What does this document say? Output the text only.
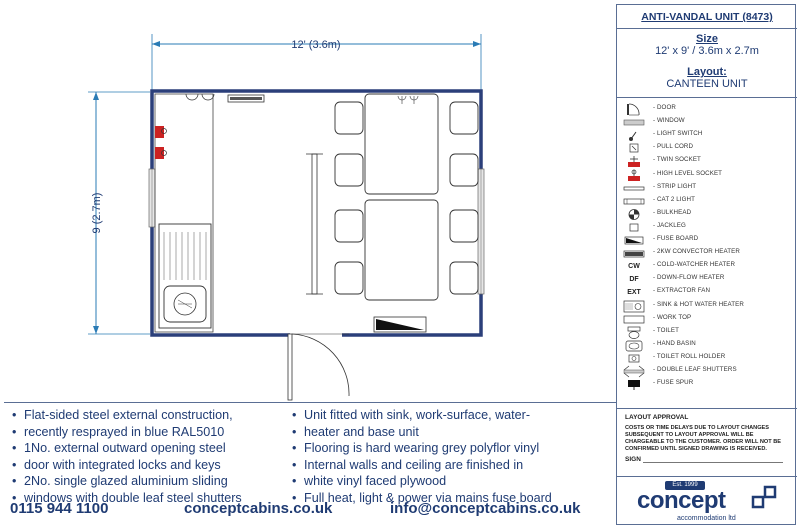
12' (3.6m)
9 (2.7m)
ANTI-VANDAL UNIT (8473)
Size
12' x 9' / 3.6m x 2.7m
Layout:
CANTEEN UNIT
- DOOR
- WINDOW
- LIGHT SWITCH
- PULL CORD
- TWIN SOCKET
- HIGH LEVEL SOCKET
- STRIP LIGHT
- CAT 2 LIGHT
- BULKHEAD
- JACKLEG
- FUSE BOARD
- 2KW CONVECTOR HEATER
CW	- COLD-WATCHER HEATER
DF	- DOWN-FLOW HEATER
EXT	- EXTRACTOR FAN
- SINK & HOT WATER HEATER
- WORK TOP
- TOILET
- HAND BASIN
- TOILET ROLL HOLDER
- DOUBLE LEAF SHUTTERS
- FUSE SPUR
LAYOUT APPROVAL
COSTS OR TIME DELAYS DUE TO LAYOUT CHANGES
SUBSEQUENT TO LAYOUT APPROVAL WILL BE
CHARGEABLE TO THE CUSTOMER. ORDER WILL NOT BE
CONFIRMED UNTIL SIGNED DRAWING IS RECEIVED.
SIGN
Est. 1999
concept
accommodation ltd
• Flat-sided steel external construction,
• recently resprayed in blue RAL5010
• 1No. external outward opening steel
• door with integrated locks and keys
• 2No. single glazed aluminium sliding
• windows with double leaf steel shutters
• Unit fitted with sink, work-surface, water-
• heater and base unit
• Flooring is hard wearing grey polyflor vinyl
• Internal walls and ceiling are finished in
• white vinyl faced plywood
• Full heat, light & power via mains fuse board
0115 944 1100	conceptcabins.co.uk	info@conceptcabins.co.uk
